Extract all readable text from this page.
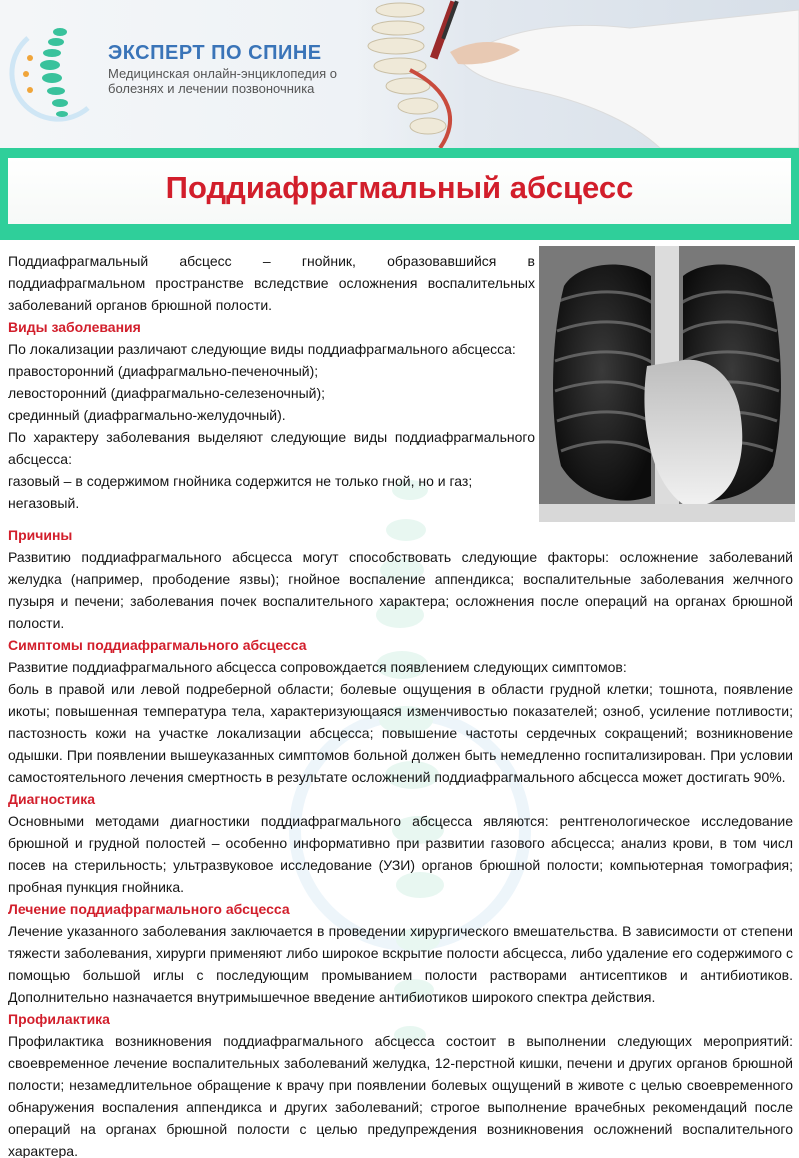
ЭКСПЕРТ ПО СПИНЕ
Медицинская онлайн-энциклопедия о
болезнях и лечении позвоночника
Поддиафрагмальный абсцесс

Поддиафрагмальный абсцесс – гнойник, образовавшийся в поддиафрагмальном пространстве вследствие осложнения воспалительных заболеваний органов брюшной полости.

Виды заболевания

По локализации различают следующие виды поддиафрагмального абсцесса:

правосторонний (диафрагмально-печеночный);

левосторонний (диафрагмально-селезеночный);

срединный (диафрагмально-желудочный).

По характеру заболевания выделяют следующие виды поддиафрагмального абсцесса:

газовый – в содержимом гнойника содержится не только гной, но и газ;

негазовый.

Причины

Развитию поддиафрагмального абсцесса могут способствовать следующие факторы: осложнение заболеваний желудка (например, прободение язвы); гнойное воспаление аппендикса; воспалительные заболевания желчного пузыря и печени; заболевания почек воспалительного характера; осложнения после операций на органах брюшной полости.

Симптомы поддиафрагмального абсцесса

Развитие поддиафрагмального абсцесса сопровождается появлением следующих симптомов:

боль в правой или левой подреберной области; болевые ощущения в области грудной клетки; тошнота, появление икоты; повышенная температура тела, характеризующаяся изменчивостью показателей; озноб, усиление потливости; пастозность кожи на участке локализации абсцесса; повышение частоты сердечных сокращений; возникновение одышки. При появлении вышеуказанных симптомов больной должен быть немедленно госпитализирован. При условии самостоятельного лечения смертность в результате осложнений поддиафрагмального абсцесса может достигать 90%.

Диагностика

Основными методами диагностики поддиафрагмального абсцесса являются: рентгенологическое исследование брюшной и грудной полостей – особенно информативно при развитии газового абсцесса; анализ крови, в том числ посев на стерильность; ультразвуковое исследование (УЗИ) органов брюшной полости; компьютерная томография; пробная пункция гнойника.

Лечение поддиафрагмального абсцесса

Лечение указанного заболевания заключается в проведении хирургического вмешательства. В зависимости от степени тяжести заболевания, хирурги применяют либо широкое вскрытие полости абсцесса, либо удаление его содержимого с помощью большой иглы с последующим промыванием полости растворами антисептиков и антибиотиков. Дополнительно назначается внутримышечное введение антибиотиков широкого спектра действия.

Профилактика

Профилактика возникновения поддиафрагмального абсцесса состоит в выполнении следующих мероприятий: своевременное лечение воспалительных заболеваний желудка, 12-перстной кишки, печени и других органов брюшной полости; незамедлительное обращение к врачу при появлении болевых ощущений в животе с целью своевременного обнаружения воспаления аппендикса и других заболеваний; строгое выполнение врачебных рекомендаций после операций на органах брюшной полости с целью предупреждения возникновения осложнений воспалительного характера.
